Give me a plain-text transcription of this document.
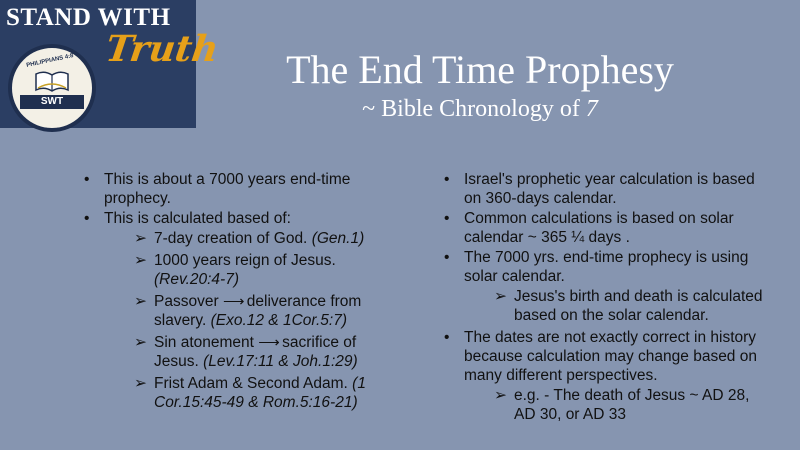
STAND WITH
Truth
PHILIPPIANS 4:8
SWT
The End Time Prophesy
~ Bible Chronology of 7
• This is about a 7000 years end-time prophecy.
• This is calculated based of:
➢ 7-day creation of God. (Gen.1)
➢ 1000 years reign of Jesus.(Rev.20:4-7)
➢ Passover ⟶ deliverance from slavery. (Exo.12 & 1Cor.5:7)
➢ Sin atonement ⟶ sacrifice of Jesus. (Lev.17:11 & Joh.1:29)
➢ Frist Adam & Second Adam. (1 Cor.15:45-49 & Rom.5:16-21)
• Israel's prophetic year calculation is based on 360-days calendar.
• Common calculations is based on solar calendar ~ 365 ¼ days .
• The 7000 yrs. end-time prophecy is using solar calendar.
➢ Jesus's birth and death is calculated based on the solar calendar.
• The dates are not exactly correct in history because calculation may change based on many different perspectives.
➢ e.g. - The death of Jesus ~ AD 28, AD 30, or AD 33
